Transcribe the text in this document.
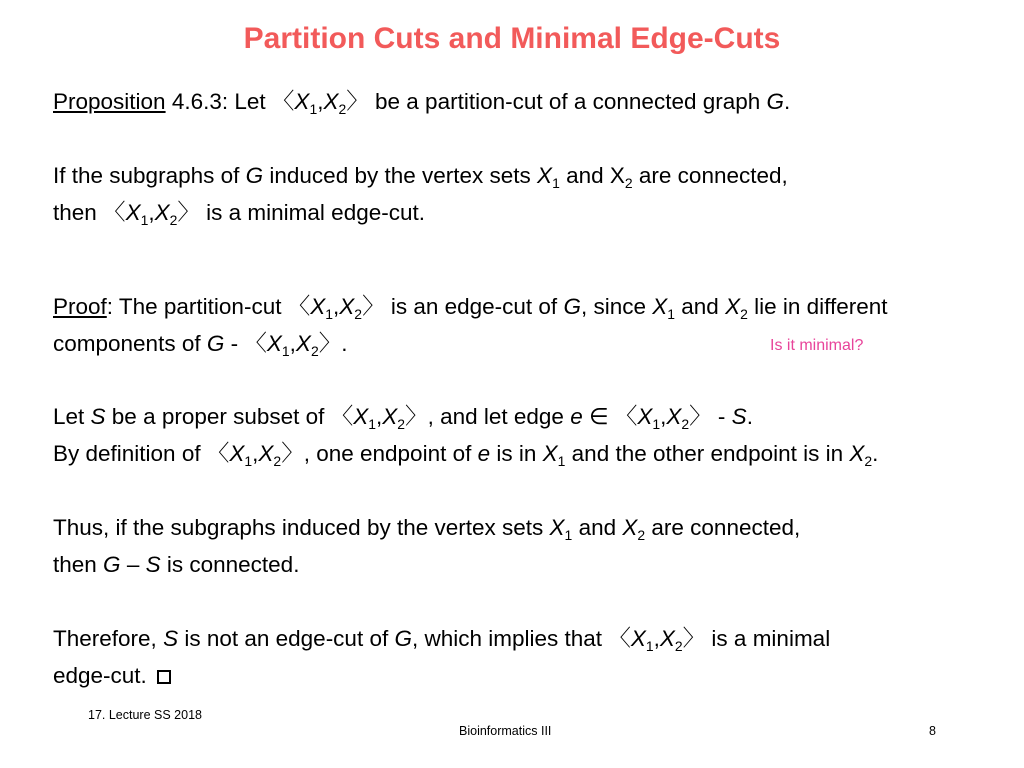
Partition Cuts and Minimal Edge-Cuts
Proposition 4.6.3: Let 〈$X_1,X_2$〉 be a partition-cut of a connected graph G.
If the subgraphs of G induced by the vertex sets $X_1$ and $X_2$ are connected,
then 〈$X_1,X_2$〉 is a minimal edge-cut.
Proof: The partition-cut 〈$X_1,X_2$〉 is an edge-cut of G, since $X_1$ and $X_2$ lie in different
components of G - 〈$X_1,X_2$〉.	Is it minimal?
Let S be a proper subset of 〈$X_1,X_2$〉, and let edge e ∈ 〈$X_1,X_2$〉 - S.
By definition of 〈$X_1,X_2$〉, one endpoint of e is in $X_1$ and the other endpoint is in $X_2$.
Thus, if the subgraphs induced by the vertex sets $X_1$ and $X_2$ are connected,
then G – S is connected.
Therefore, S is not an edge-cut of G, which implies that 〈$X_1,X_2$〉 is a minimal
edge-cut.
17. Lecture SS 2018
Bioinformatics III	8
